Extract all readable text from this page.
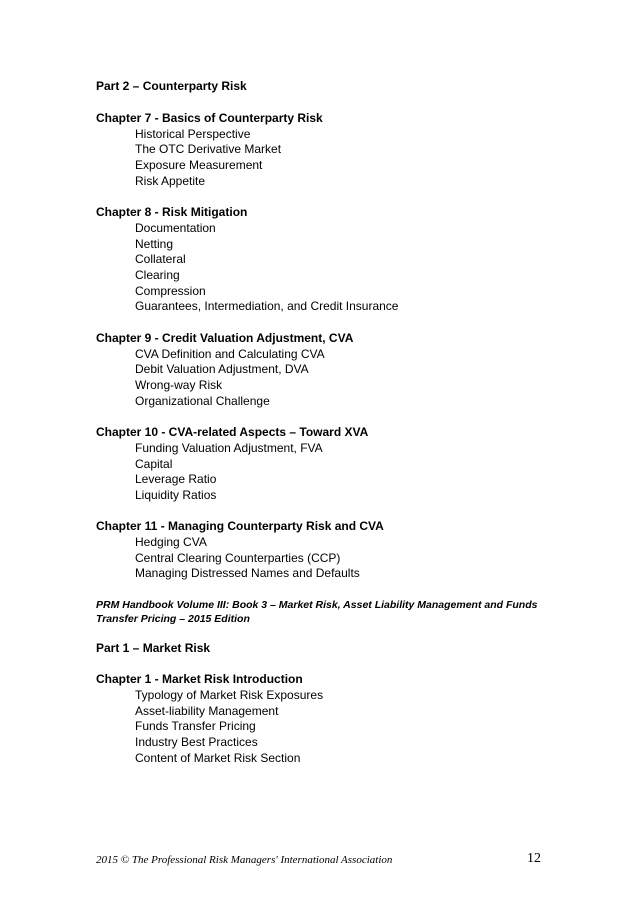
Part 2 – Counterparty Risk
Chapter 7 - Basics of Counterparty Risk
Historical Perspective
The OTC Derivative Market
Exposure Measurement
Risk Appetite
Chapter 8 - Risk Mitigation
Documentation
Netting
Collateral
Clearing
Compression
Guarantees, Intermediation, and Credit Insurance
Chapter 9 - Credit Valuation Adjustment, CVA
CVA Definition and Calculating CVA
Debit Valuation Adjustment, DVA
Wrong-way Risk
Organizational Challenge
Chapter 10 - CVA-related Aspects – Toward XVA
Funding Valuation Adjustment, FVA
Capital
Leverage Ratio
Liquidity Ratios
Chapter 11 - Managing Counterparty Risk and CVA
Hedging CVA
Central Clearing Counterparties (CCP)
Managing Distressed Names and Defaults
PRM Handbook Volume III: Book 3 – Market Risk, Asset Liability Management and Funds
Transfer Pricing – 2015 Edition
Part 1 – Market Risk
Chapter 1 - Market Risk Introduction
Typology of Market Risk Exposures
Asset-liability Management
Funds Transfer Pricing
Industry Best Practices
Content of Market Risk Section
2015 © The Professional Risk Managers' International Association	12
